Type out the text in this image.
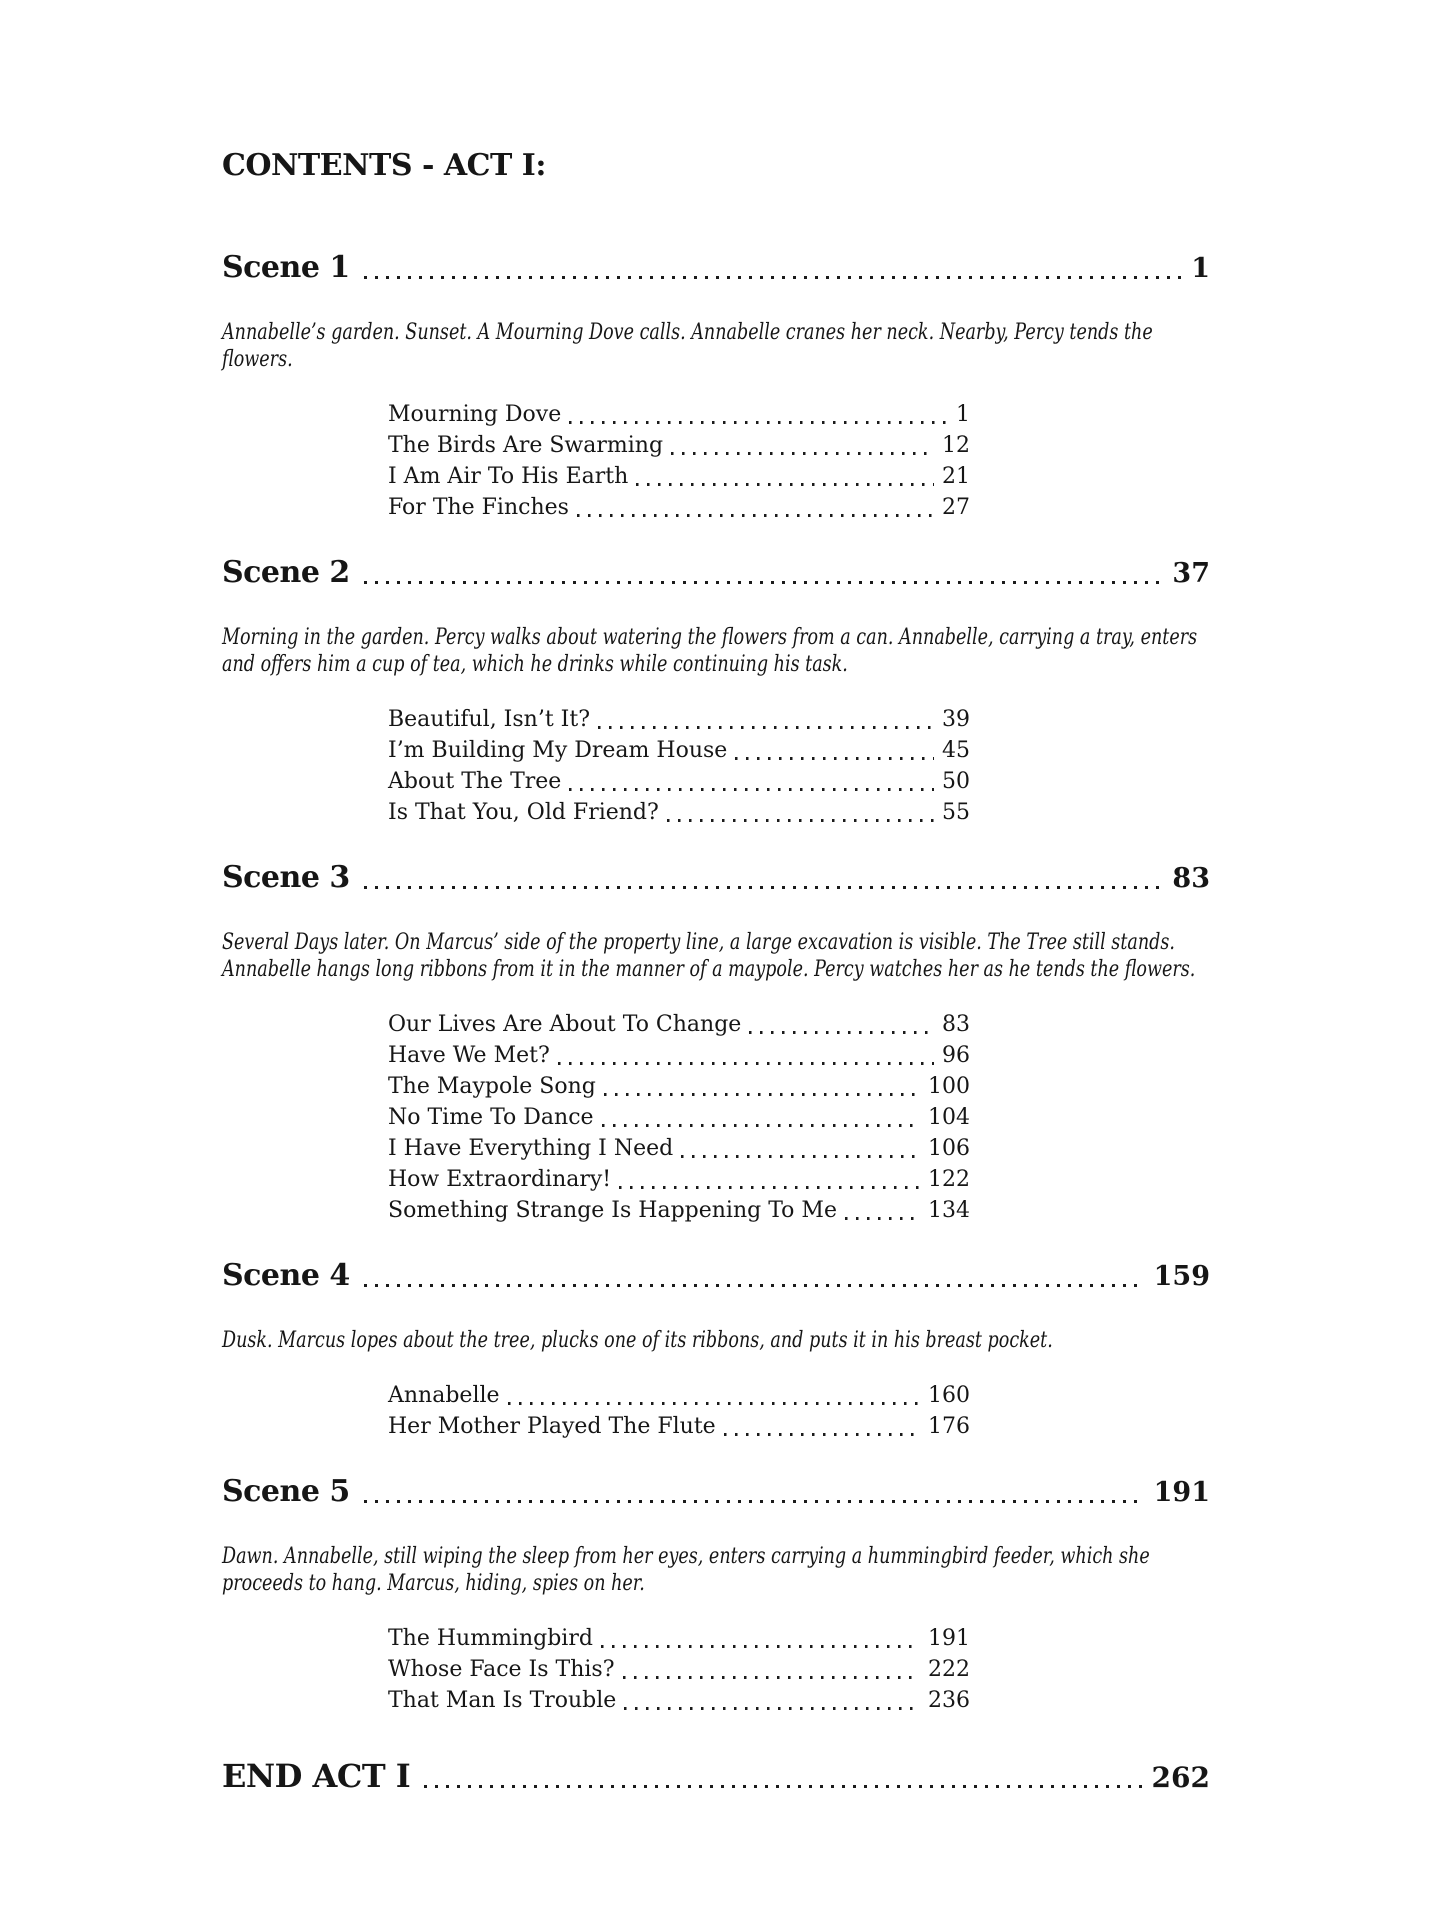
CONTENTS - ACT I:
Scene 1	1

Annabelle’s garden. Sunset. A Mourning Dove calls. Annabelle cranes her neck. Nearby, Percy tends the flowers.

Mourning Dove	1
The Birds Are Swarming	12
I Am Air To His Earth	21
For The Finches	27
Scene 2	37

Morning in the garden. Percy walks about watering the flowers from a can. Annabelle, carrying a tray, enters and offers him a cup of tea, which he drinks while continuing his task.

Beautiful, Isn’t It?	39
I’m Building My Dream House	45
About The Tree	50
Is That You, Old Friend?	55
Scene 3	83

Several Days later. On Marcus’ side of the property line, a large excavation is visible. The Tree still stands. Annabelle hangs long ribbons from it in the manner of a maypole. Percy watches her as he tends the flowers.

Our Lives Are About To Change	83
Have We Met?	96
The Maypole Song	100
No Time To Dance	104
I Have Everything I Need	106
How Extraordinary!	122
Something Strange Is Happening To Me	134
Scene 4	159

Dusk. Marcus lopes about the tree, plucks one of its ribbons, and puts it in his breast pocket.

Annabelle	160
Her Mother Played The Flute	176
Scene 5	191

Dawn. Annabelle, still wiping the sleep from her eyes, enters carrying a hummingbird feeder, which she proceeds to hang. Marcus, hiding, spies on her.

The Hummingbird	191
Whose Face Is This?	222
That Man Is Trouble	236
END ACT I	262
